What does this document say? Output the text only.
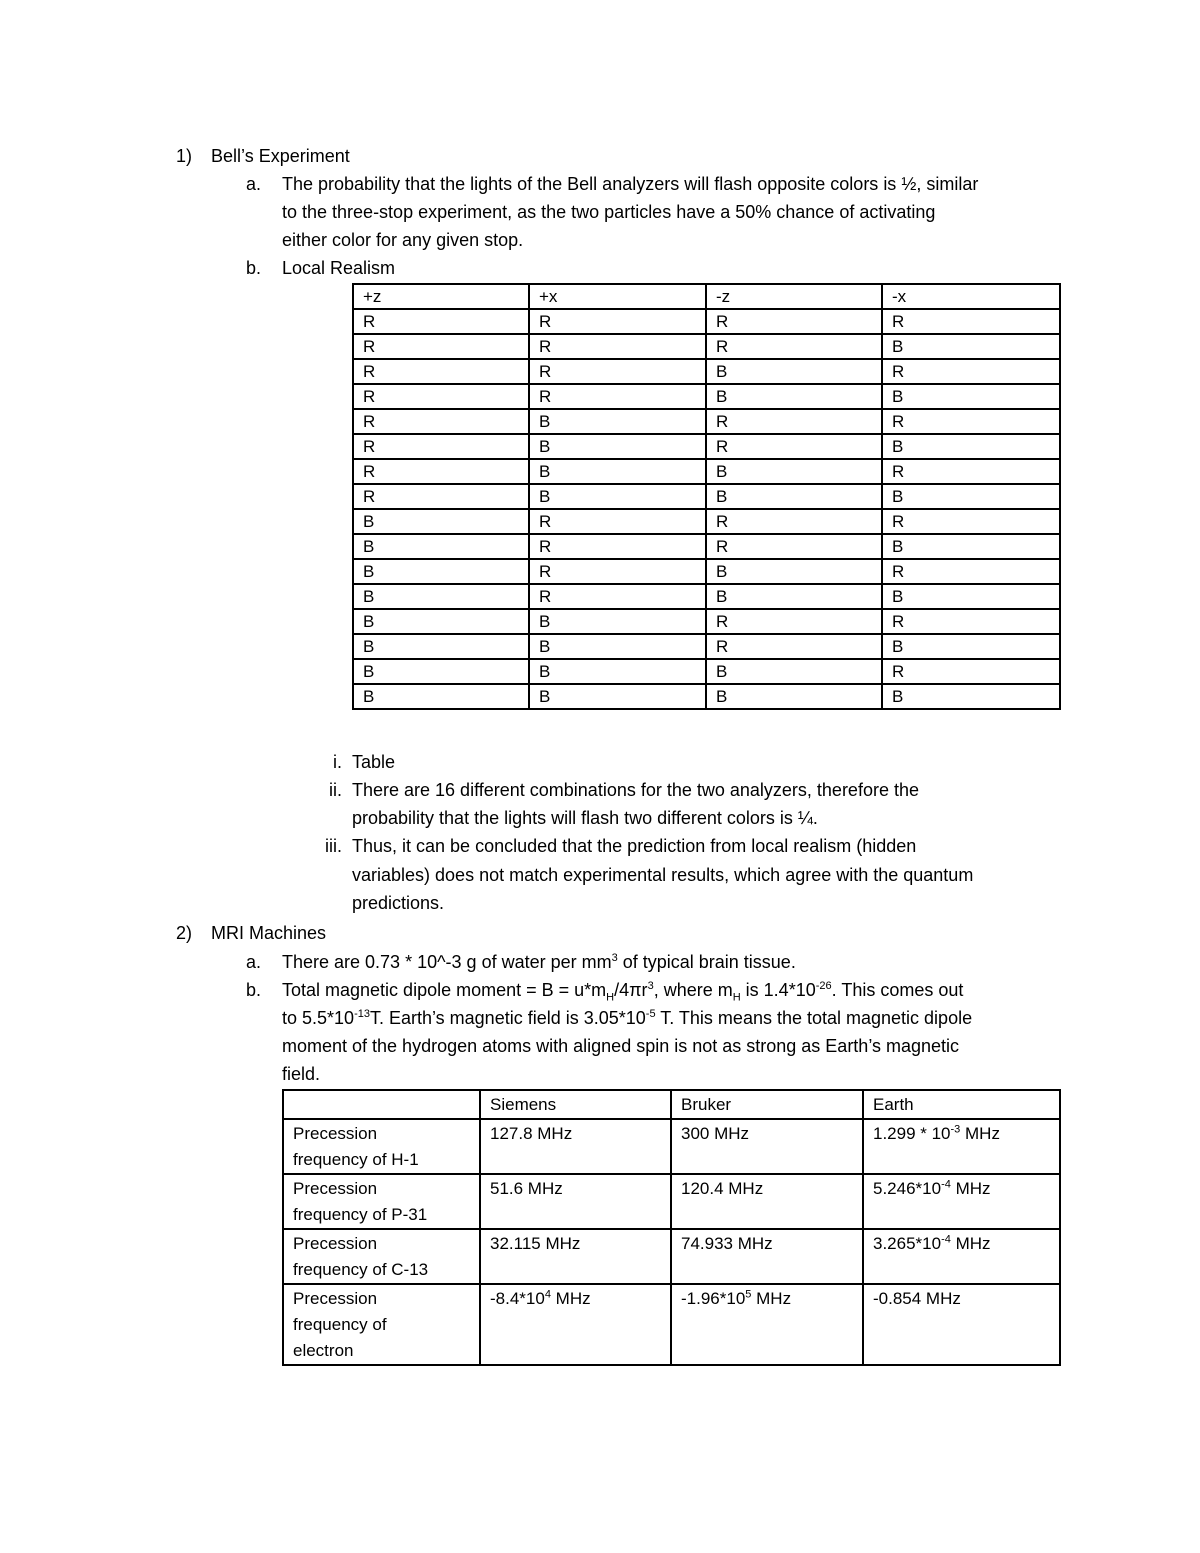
1) Bell’s Experiment
a. The probability that the lights of the Bell analyzers will flash opposite colors is ½, similar
to the three-stop experiment, as the two particles have a 50% chance of activating
either color for any given stop.
b. Local Realism
+z	+x	-z	-x
R	R	R	R
R	R	R	B
R	R	B	R
R	R	B	B
R	B	R	R
R	B	R	B
R	B	B	R
R	B	B	B
B	R	R	R
B	R	R	B
B	R	B	R
B	R	B	B
B	B	R	R
B	B	R	B
B	B	B	R
B	B	B	B
i. Table
ii. There are 16 different combinations for the two analyzers, therefore the
probability that the lights will flash two different colors is ¼.
iii. Thus, it can be concluded that the prediction from local realism (hidden
variables) does not match experimental results, which agree with the quantum
predictions.
2) MRI Machines
a. There are 0.73 * 10^-3 g of water per $mm^3$ of typical brain tissue.
b. Total magnetic dipole moment = $B = u*m_H/4\pi r^3$, where $m_H$ is $1.4*10^{-26}$. This comes out
to $5.5*10^{-13}T$. Earth’s magnetic field is $3.05*10^{-5}$ T. This means the total magnetic dipole
moment of the hydrogen atoms with aligned spin is not as strong as Earth’s magnetic
field.
	Siemens	Bruker	Earth

Precession
frequency of H-1	127.8 MHz	300 MHz	$1.299 * 10^{-3}$ MHz

Precession
frequency of P-31	51.6 MHz	120.4 MHz	$5.246*10^{-4}$ MHz

Precession
frequency of C-13	32.115 MHz	74.933 MHz	$3.265*10^{-4}$ MHz

Precession
frequency of
electron	$-8.4*10^4$ MHz	$-1.96*10^5$ MHz	-0.854 MHz
